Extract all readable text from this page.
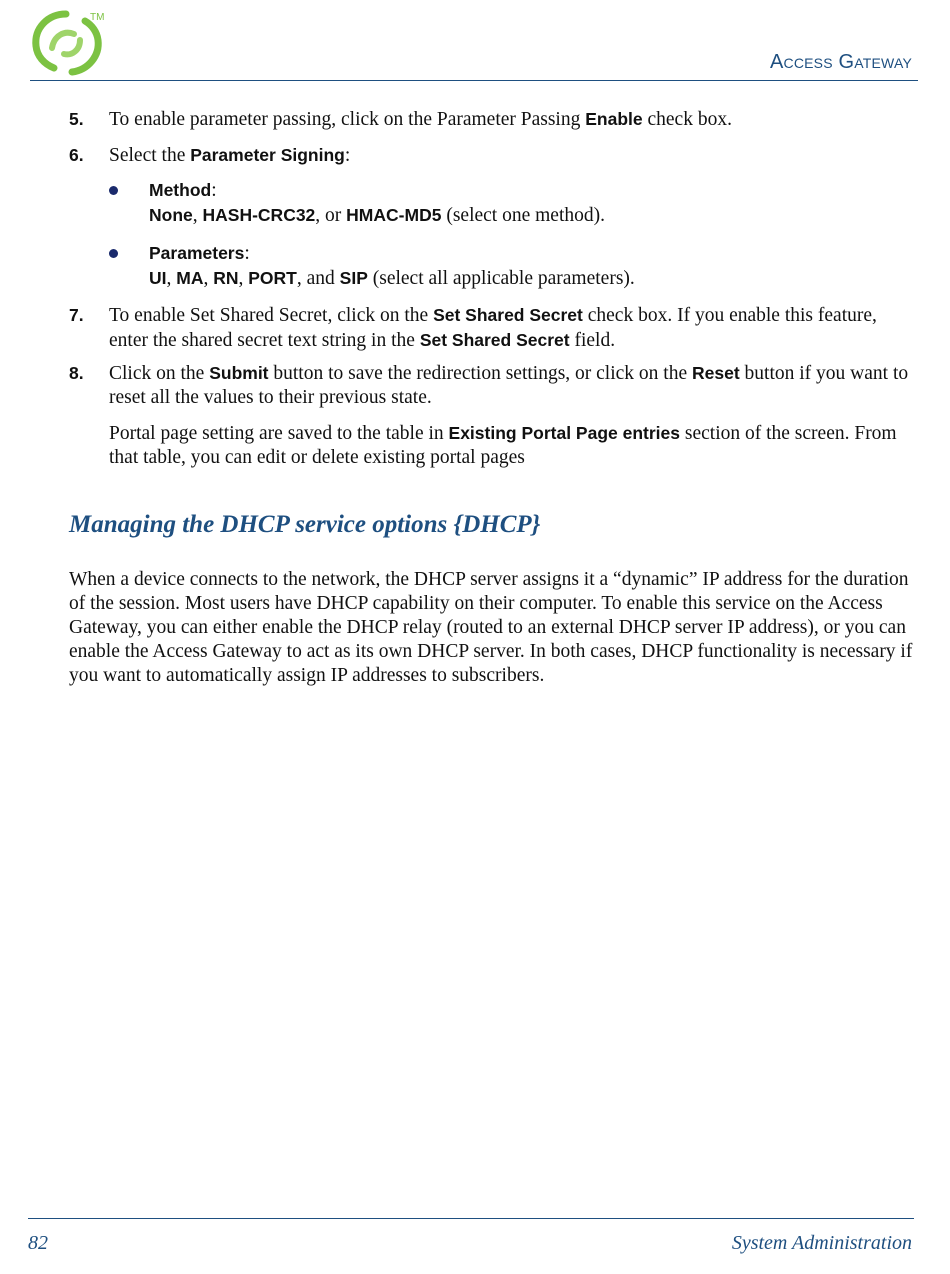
TM
Access Gateway
5. To enable parameter passing, click on the Parameter Passing Enable check box.
6. Select the Parameter Signing:
Method:
None, HASH-CRC32, or HMAC-MD5 (select one method).
Parameters:
UI, MA, RN, PORT, and SIP (select all applicable parameters).
7. To enable Set Shared Secret, click on the Set Shared Secret check box. If you enable this feature, enter the shared secret text string in the Set Shared Secret field.
8. Click on the Submit button to save the redirection settings, or click on the Reset button if you want to reset all the values to their previous state.
Portal page setting are saved to the table in Existing Portal Page entries section of the screen. From that table, you can edit or delete existing portal pages
Managing the DHCP service options {DHCP}
When a device connects to the network, the DHCP server assigns it a “dynamic” IP address for the duration of the session. Most users have DHCP capability on their computer. To enable this service on the Access Gateway, you can either enable the DHCP relay (routed to an external DHCP server IP address), or you can enable the Access Gateway to act as its own DHCP server. In both cases, DHCP functionality is necessary if you want to automatically assign IP addresses to subscribers.
82	System Administration
